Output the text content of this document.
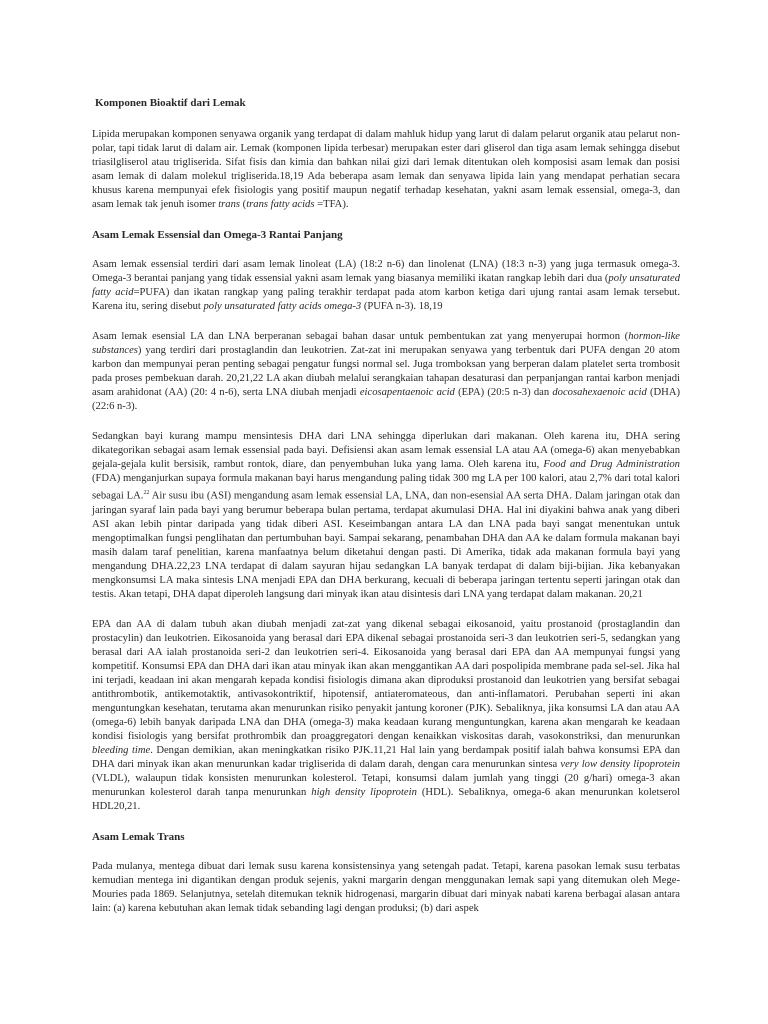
Komponen Bioaktif dari Lemak

Lipida merupakan komponen senyawa organik yang terdapat di dalam mahluk hidup yang larut di dalam pelarut organik atau pelarut non-polar, tapi tidak larut di dalam air. Lemak (komponen lipida terbesar) merupakan ester dari gliserol dan tiga asam lemak sehingga disebut triasilgliserol atau trigliserida. Sifat fisis dan kimia dan bahkan nilai gizi dari lemak ditentukan oleh komposisi asam lemak dan posisi asam lemak di dalam molekul trigliserida.18,19 Ada beberapa asam lemak dan senyawa lipida lain yang mendapat perhatian secara khusus karena mempunyai efek fisiologis yang positif maupun negatif terhadap kesehatan, yakni asam lemak essensial, omega-3, dan asam lemak tak jenuh isomer trans (trans fatty acids =TFA).

Asam Lemak Essensial dan Omega-3 Rantai Panjang

Asam lemak essensial terdiri dari asam lemak linoleat (LA) (18:2 n-6) dan linolenat (LNA) (18:3 n-3) yang juga termasuk omega-3. Omega-3 berantai panjang yang tidak essensial yakni asam lemak yang biasanya memiliki ikatan rangkap lebih dari dua (poly unsaturated fatty acid=PUFA) dan ikatan rangkap yang paling terakhir terdapat pada atom karbon ketiga dari ujung rantai asam lemak tersebut. Karena itu, sering disebut poly unsaturated fatty acids omega-3 (PUFA n-3). 18,19

Asam lemak esensial LA dan LNA berperanan sebagai bahan dasar untuk pembentukan zat yang menyerupai hormon (hormon-like substances) yang terdiri dari prostaglandin dan leukotrien. Zat-zat ini merupakan senyawa yang terbentuk dari PUFA dengan 20 atom karbon dan mempunyai peran penting sebagai pengatur fungsi normal sel. Juga tromboksan yang berperan dalam platelet serta trombosit pada proses pembekuan darah. 20,21,22 LA akan diubah melalui serangkaian tahapan desaturasi dan perpanjangan rantai karbon menjadi asam arahidonat (AA) (20: 4 n-6), serta LNA diubah menjadi eicosapentaenoic acid (EPA) (20:5 n-3) dan docosahexaenoic acid (DHA) (22:6 n-3).

Sedangkan bayi kurang mampu mensintesis DHA dari LNA sehingga diperlukan dari makanan. Oleh karena itu, DHA sering dikategorikan sebagai asam lemak essensial pada bayi. Defisiensi akan asam lemak essensial LA atau AA (omega-6) akan menyebabkan gejala-gejala kulit bersisik, rambut rontok, diare, dan penyembuhan luka yang lama. Oleh karena itu, Food and Drug Administration (FDA) menganjurkan supaya formula makanan bayi harus mengandung paling tidak 300 mg LA per 100 kalori, atau 2,7% dari total kalori sebagai LA.$^{22}$ Air susu ibu (ASI) mengandung asam lemak essensial LA, LNA, dan non-esensial AA serta DHA. Dalam jaringan otak dan jaringan syaraf lain pada bayi yang berumur beberapa bulan pertama, terdapat akumulasi DHA. Hal ini diyakini bahwa anak yang diberi ASI akan lebih pintar daripada yang tidak diberi ASI. Keseimbangan antara LA dan LNA pada bayi sangat menentukan untuk mengoptimalkan fungsi penglihatan dan pertumbuhan bayi. Sampai sekarang, penambahan DHA dan AA ke dalam formula makanan bayi masih dalam taraf penelitian, karena manfaatnya belum diketahui dengan pasti. Di Amerika, tidak ada makanan formula bayi yang mengandung DHA.22,23 LNA terdapat di dalam sayuran hijau sedangkan LA banyak terdapat di dalam biji-bijian. Jika kebanyakan mengkonsumsi LA maka sintesis LNA menjadi EPA dan DHA berkurang, kecuali di beberapa jaringan tertentu seperti jaringan otak dan testis. Akan tetapi, DHA dapat diperoleh langsung dari minyak ikan atau disintesis dari LNA yang terdapat dalam makanan. 20,21

EPA dan AA di dalam tubuh akan diubah menjadi zat-zat yang dikenal sebagai eikosanoid, yaitu prostanoid (prostaglandin dan prostacylin) dan leukotrien. Eikosanoida yang berasal dari EPA dikenal sebagai prostanoida seri-3 dan leukotrien seri-5, sedangkan yang berasal dari AA ialah prostanoida seri-2 dan leukotrien seri-4. Eikosanoida yang berasal dari EPA dan AA mempunyai fungsi yang kompetitif. Konsumsi EPA dan DHA dari ikan atau minyak ikan akan menggantikan AA dari pospolipida membrane pada sel-sel. Jika hal ini terjadi, keadaan ini akan mengarah kepada kondisi fisiologis dimana akan diproduksi prostanoid dan leukotrien yang bersifat sebagai antithrombotik, antikemotaktik, antivasokontriktif, hipotensif, antiateromateous, dan anti-inflamatori. Perubahan seperti ini akan menguntungkan kesehatan, terutama akan menurunkan risiko penyakit jantung koroner (PJK). Sebaliknya, jika konsumsi LA dan atau AA (omega-6) lebih banyak daripada LNA dan DHA (omega-3) maka keadaan kurang menguntungkan, karena akan mengarah ke keadaan kondisi fisiologis yang bersifat prothrombik dan proaggregatori dengan kenaikkan viskositas darah, vasokonstriksi, dan menurunkan bleeding time. Dengan demikian, akan meningkatkan risiko PJK.11,21 Hal lain yang berdampak positif ialah bahwa konsumsi EPA dan DHA dari minyak ikan akan menurunkan kadar trigliserida di dalam darah, dengan cara menurunkan sintesa very low density lipoprotein (VLDL), walaupun tidak konsisten menurunkan kolesterol. Tetapi, konsumsi dalam jumlah yang tinggi (20 g/hari) omega-3 akan menurunkan kolesterol darah tanpa menurunkan high density lipoprotein (HDL). Sebaliknya, omega-6 akan menurunkan koletserol HDL20,21.

Asam Lemak Trans

Pada mulanya, mentega dibuat dari lemak susu karena konsistensinya yang setengah padat. Tetapi, karena pasokan lemak susu terbatas kemudian mentega ini digantikan dengan produk sejenis, yakni margarin dengan menggunakan lemak sapi yang ditemukan oleh Mege-Mouries pada 1869. Selanjutnya, setelah ditemukan teknik hidrogenasi, margarin dibuat dari minyak nabati karena berbagai alasan antara lain: (a) karena kebutuhan akan lemak tidak sebanding lagi dengan produksi; (b) dari aspek
